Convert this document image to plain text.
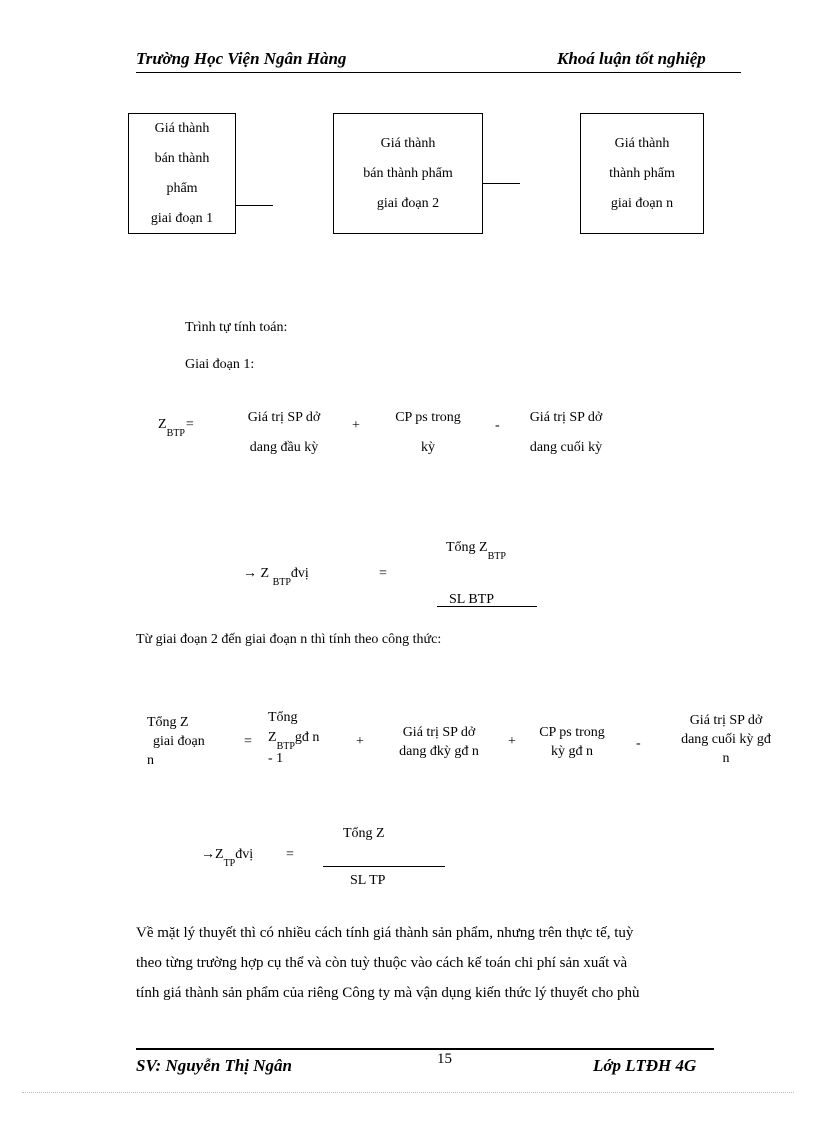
Trường Học Viện Ngân Hàng	Khoá luận tốt nghiệp
Giá thành
bán thành
phẩm
giai đoạn 1
Giá thành
bán thành phẩm
giai đoạn 2
Giá thành
thành phẩm
giai đoạn n
Trình tự tính toán:
Giai đoạn 1:
$Z_{BTP}=$	Giá trị SP dở
dang đầu kỳ
+
CP ps trong
kỳ
-
Giá trị SP dở
dang cuối kỳ
→ Z $_{BTP}$đvị	=
Tổng $Z_{BTP}$
SL BTP
Từ giai đoạn 2 đến giai đoạn n thì tính theo công thức:
Tổng Z
giai đoạn
n
=
Tổng
$Z_{BTP}gđ$ n
- 1
+
Giá trị SP dở
dang đkỳ gđ n
+
CP ps trong
kỳ gđ n
-
Giá trị SP dở
dang cuối kỳ gđ
n
$\to Z_{TP}đvị$ =
Tổng Z
SL TP
Về mặt lý thuyết thì có nhiều cách tính giá thành sản phẩm, nhưng trên thực tế, tuỳ
theo từng trường hợp cụ thể và còn tuỳ thuộc vào cách kế toán chi phí sản xuất và
tính giá thành sản phẩm của riêng Công ty mà vận dụng kiến thức lý thuyết cho phù
SV: Nguyễn Thị Ngân	15	Lớp LTĐH 4G
